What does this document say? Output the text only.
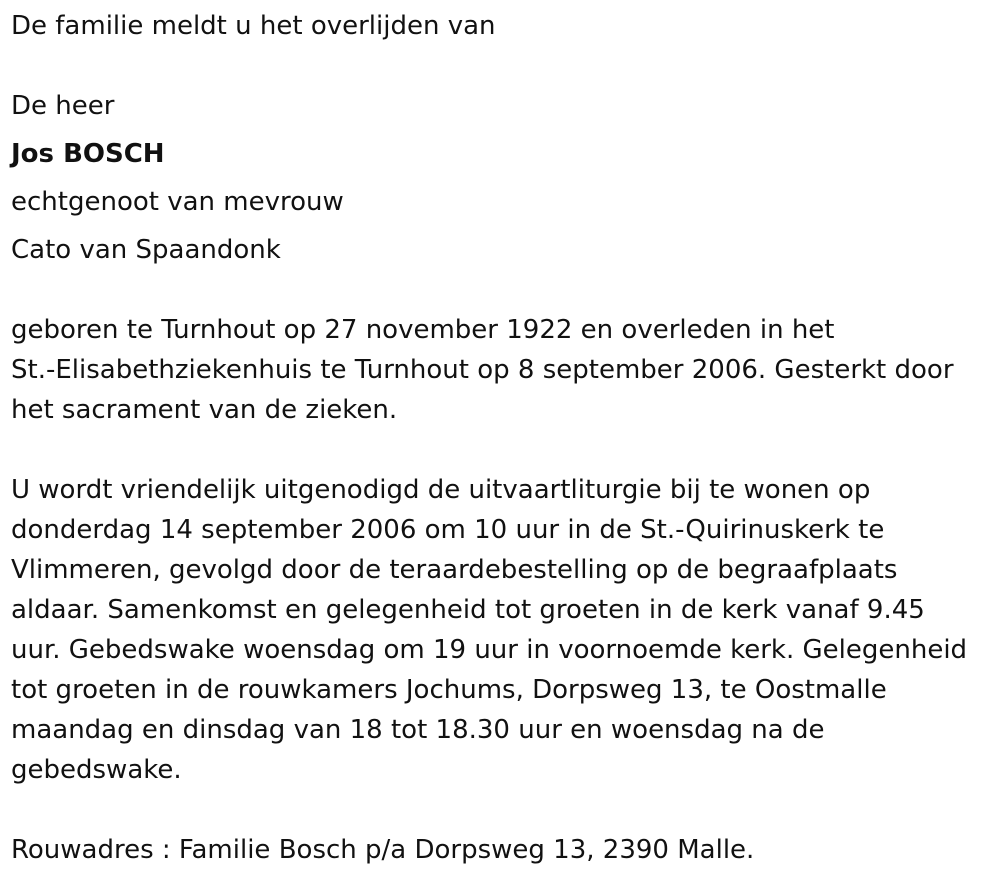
De familie meldt u het overlijden van
De heer
Jos BOSCH
echtgenoot van mevrouw
Cato van Spaandonk
geboren te Turnhout op 27 november 1922 en overleden in het
St.-Elisabethziekenhuis te Turnhout op 8 september 2006. Gesterkt door
het sacrament van de zieken.
U wordt vriendelijk uitgenodigd de uitvaartliturgie bij te wonen op
donderdag 14 september 2006 om 10 uur in de St.-Quirinuskerk te
Vlimmeren, gevolgd door de teraardebestelling op de begraafplaats
aldaar. Samenkomst en gelegenheid tot groeten in de kerk vanaf 9.45
uur. Gebedswake woensdag om 19 uur in voornoemde kerk. Gelegenheid
tot groeten in de rouwkamers Jochums, Dorpsweg 13, te Oostmalle
maandag en dinsdag van 18 tot 18.30 uur en woensdag na de
gebedswake.
Rouwadres : Familie Bosch p/a Dorpsweg 13, 2390 Malle.
